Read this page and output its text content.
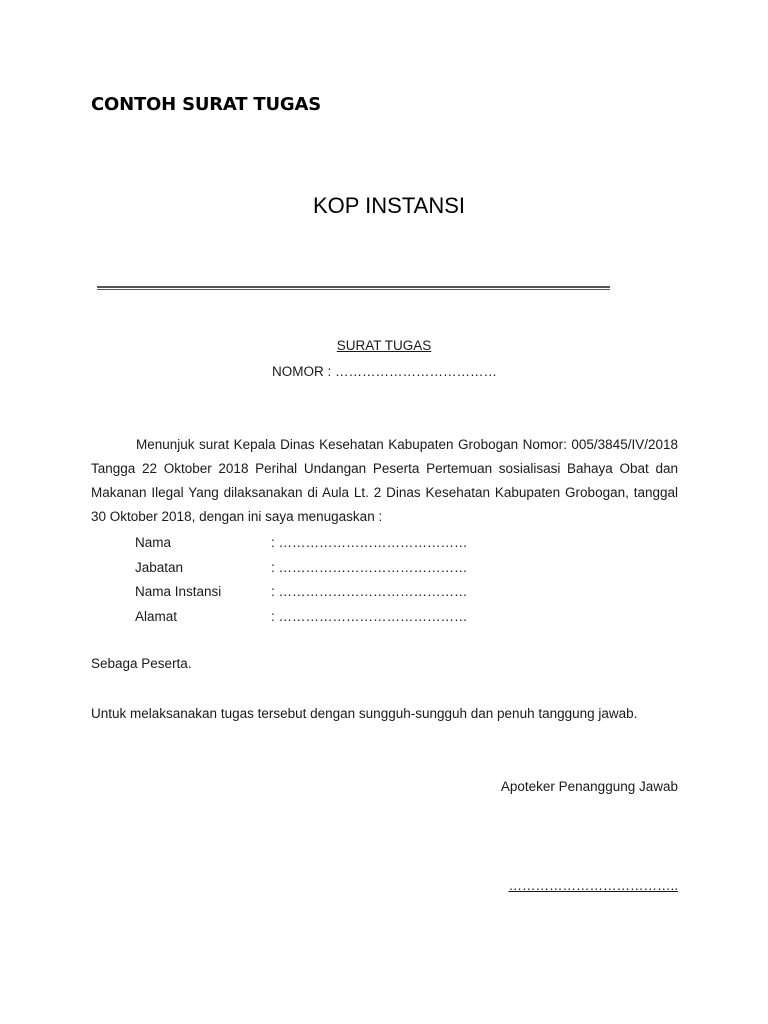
CONTOH SURAT TUGAS
KOP INSTANSI
SURAT TUGAS
NOMOR : ………………………………
Menunjuk surat Kepala Dinas Kesehatan Kabupaten Grobogan Nomor: 005/3845/IV/2018 Tangga 22 Oktober 2018 Perihal Undangan Peserta Pertemuan sosialisasi Bahaya Obat dan Makanan Ilegal Yang dilaksanakan di Aula Lt. 2 Dinas Kesehatan Kabupaten Grobogan, tanggal 30 Oktober 2018, dengan ini saya menugaskan :
Nama	: ……………………………………
Jabatan	: ……………………………………
Nama Instansi	: ……………………………………
Alamat	: ……………………………………
Sebaga Peserta.
Untuk melaksanakan tugas tersebut dengan sungguh-sungguh dan penuh tanggung jawab.
Apoteker Penanggung Jawab
………………………………..
